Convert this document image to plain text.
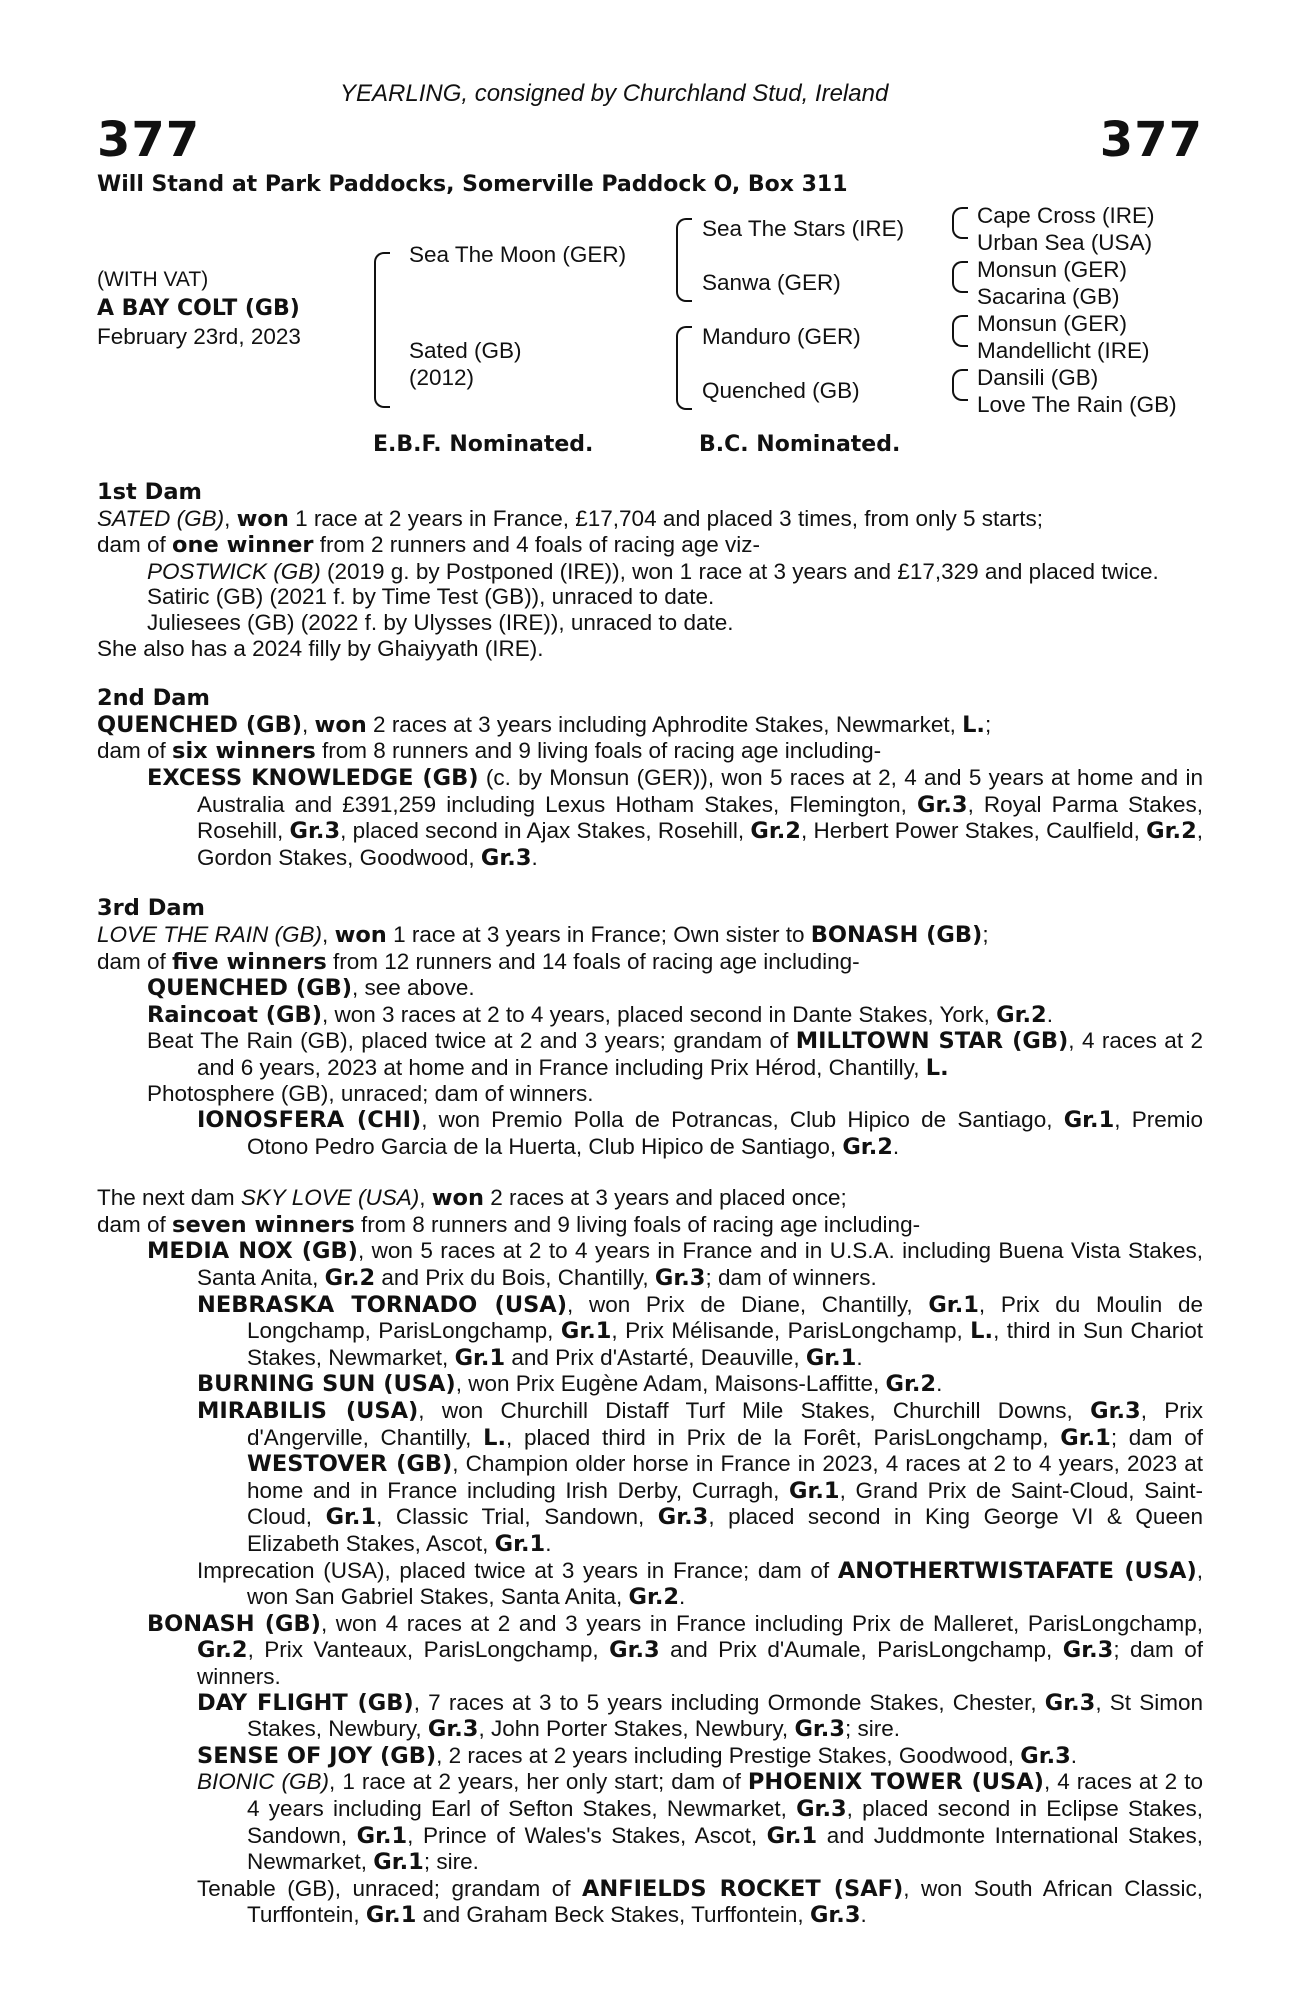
377	377
YEARLING, consigned by Churchland Stud, Ireland
Will Stand at Park Paddocks, Somerville Paddock O, Box 311
(WITH VAT)
A BAY COLT (GB)
February 23rd, 2023
Sea The Moon (GER)
Sated (GB)
(2012)
Sea The Stars (IRE)
Sanwa (GER)
Manduro (GER)
Quenched (GB)
Cape Cross (IRE)
Urban Sea (USA)
Monsun (GER)
Sacarina (GB)
Monsun (GER)
Mandellicht (IRE)
Dansili (GB)
Love The Rain (GB)
E.B.F. Nominated.	B.C. Nominated.
1st Dam
SATED (GB), won 1 race at 2 years in France, £17,704 and placed 3 times, from only 5 starts;
dam of one winner from 2 runners and 4 foals of racing age viz-
POSTWICK (GB) (2019 g. by Postponed (IRE)), won 1 race at 3 years and £17,329 and placed twice.
Satiric (GB) (2021 f. by Time Test (GB)), unraced to date.
Juliesees (GB) (2022 f. by Ulysses (IRE)), unraced to date.
She also has a 2024 filly by Ghaiyyath (IRE).
2nd Dam
QUENCHED (GB), won 2 races at 3 years including Aphrodite Stakes, Newmarket, L.;
dam of six winners from 8 runners and 9 living foals of racing age including-
EXCESS KNOWLEDGE (GB) (c. by Monsun (GER)), won 5 races at 2, 4 and 5 years at home and in Australia and £391,259 including Lexus Hotham Stakes, Flemington, Gr.3, Royal Parma Stakes, Rosehill, Gr.3, placed second in Ajax Stakes, Rosehill, Gr.2, Herbert Power Stakes, Caulfield, Gr.2, Gordon Stakes, Goodwood, Gr.3.
3rd Dam
LOVE THE RAIN (GB), won 1 race at 3 years in France; Own sister to BONASH (GB);
dam of five winners from 12 runners and 14 foals of racing age including-
QUENCHED (GB), see above.
Raincoat (GB), won 3 races at 2 to 4 years, placed second in Dante Stakes, York, Gr.2.
Beat The Rain (GB), placed twice at 2 and 3 years; grandam of MILLTOWN STAR (GB), 4 races at 2 and 6 years, 2023 at home and in France including Prix Hérod, Chantilly, L.
Photosphere (GB), unraced; dam of winners.
IONOSFERA (CHI), won Premio Polla de Potrancas, Club Hipico de Santiago, Gr.1, Premio Otono Pedro Garcia de la Huerta, Club Hipico de Santiago, Gr.2.
The next dam SKY LOVE (USA), won 2 races at 3 years and placed once;
dam of seven winners from 8 runners and 9 living foals of racing age including-
MEDIA NOX (GB), won 5 races at 2 to 4 years in France and in U.S.A. including Buena Vista Stakes, Santa Anita, Gr.2 and Prix du Bois, Chantilly, Gr.3; dam of winners.
NEBRASKA TORNADO (USA), won Prix de Diane, Chantilly, Gr.1, Prix du Moulin de Longchamp, ParisLongchamp, Gr.1, Prix Mélisande, ParisLongchamp, L., third in Sun Chariot Stakes, Newmarket, Gr.1 and Prix d'Astarté, Deauville, Gr.1.
BURNING SUN (USA), won Prix Eugène Adam, Maisons-Laffitte, Gr.2.
MIRABILIS (USA), won Churchill Distaff Turf Mile Stakes, Churchill Downs, Gr.3, Prix d'Angerville, Chantilly, L., placed third in Prix de la Forêt, ParisLongchamp, Gr.1; dam of WESTOVER (GB), Champion older horse in France in 2023, 4 races at 2 to 4 years, 2023 at home and in France including Irish Derby, Curragh, Gr.1, Grand Prix de Saint-Cloud, Saint-Cloud, Gr.1, Classic Trial, Sandown, Gr.3, placed second in King George VI & Queen Elizabeth Stakes, Ascot, Gr.1.
Imprecation (USA), placed twice at 3 years in France; dam of ANOTHERTWISTAFATE (USA), won San Gabriel Stakes, Santa Anita, Gr.2.
BONASH (GB), won 4 races at 2 and 3 years in France including Prix de Malleret, ParisLongchamp, Gr.2, Prix Vanteaux, ParisLongchamp, Gr.3 and Prix d'Aumale, ParisLongchamp, Gr.3; dam of winners.
DAY FLIGHT (GB), 7 races at 3 to 5 years including Ormonde Stakes, Chester, Gr.3, St Simon Stakes, Newbury, Gr.3, John Porter Stakes, Newbury, Gr.3; sire.
SENSE OF JOY (GB), 2 races at 2 years including Prestige Stakes, Goodwood, Gr.3.
BIONIC (GB), 1 race at 2 years, her only start; dam of PHOENIX TOWER (USA), 4 races at 2 to 4 years including Earl of Sefton Stakes, Newmarket, Gr.3, placed second in Eclipse Stakes, Sandown, Gr.1, Prince of Wales's Stakes, Ascot, Gr.1 and Juddmonte International Stakes, Newmarket, Gr.1; sire.
Tenable (GB), unraced; grandam of ANFIELDS ROCKET (SAF), won South African Classic, Turffontein, Gr.1 and Graham Beck Stakes, Turffontein, Gr.3.
